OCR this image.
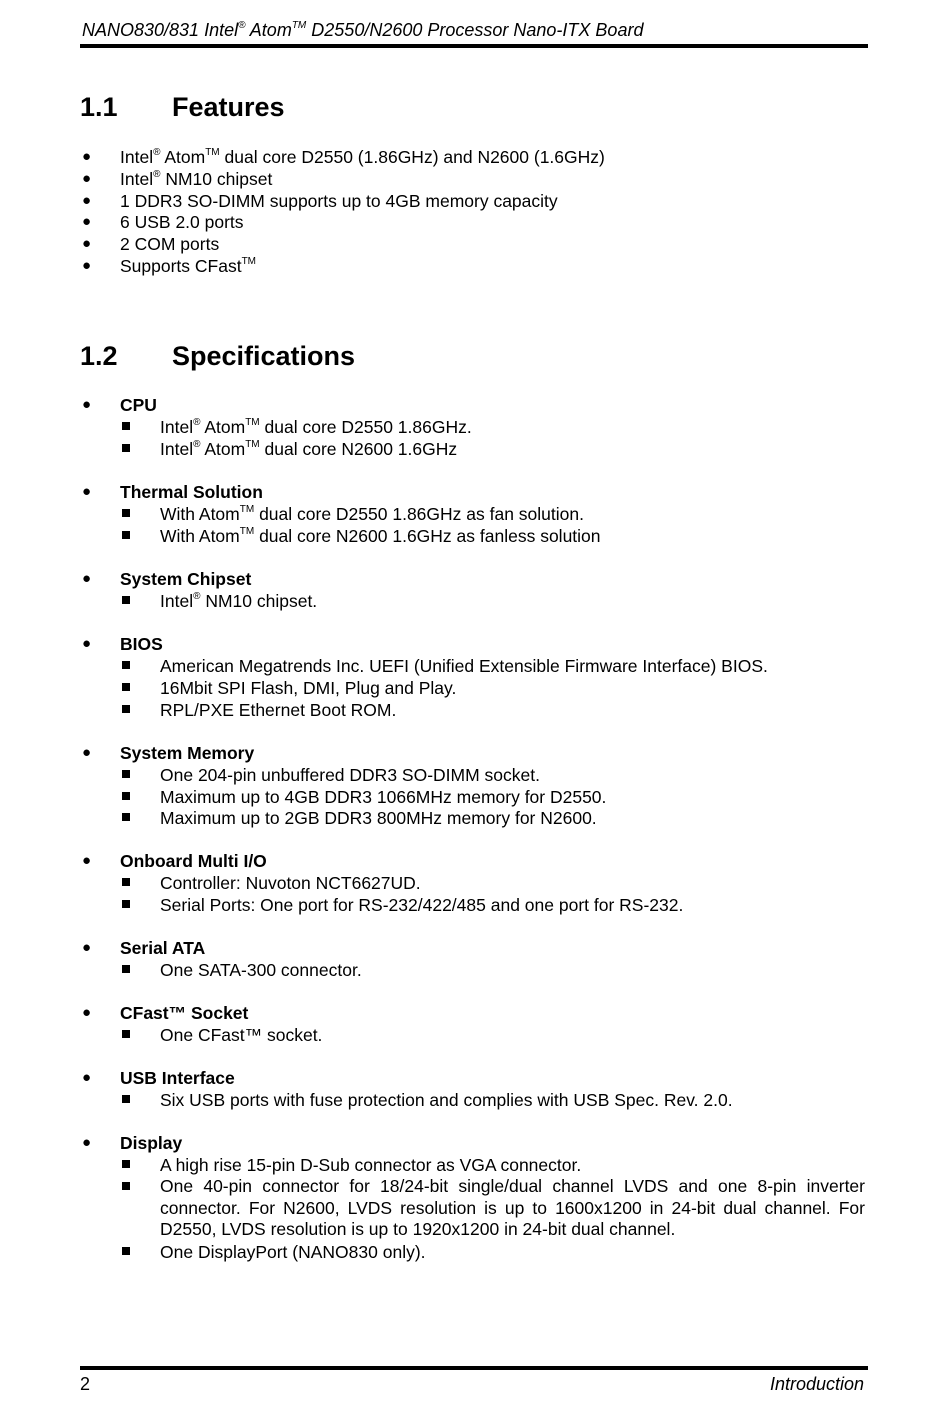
NANO830/831 Intel® Atom™ D2550/N2600 Processor Nano-ITX Board
1.1 Features
● Intel® Atom™ dual core D2550 (1.86GHz) and N2600 (1.6GHz)
● Intel® NM10 chipset
● 1 DDR3 SO-DIMM supports up to 4GB memory capacity
● 6 USB 2.0 ports
● 2 COM ports
● Supports CFast™
1.2 Specifications
● CPU
Intel® Atom™ dual core D2550 1.86GHz.
Intel® Atom™ dual core N2600 1.6GHz
● Thermal Solution
With Atom™ dual core D2550 1.86GHz as fan solution.
With Atom™ dual core N2600 1.6GHz as fanless solution
● System Chipset
Intel® NM10 chipset.
● BIOS
American Megatrends Inc. UEFI (Unified Extensible Firmware Interface) BIOS.
16Mbit SPI Flash, DMI, Plug and Play.
RPL/PXE Ethernet Boot ROM.
● System Memory
One 204-pin unbuffered DDR3 SO-DIMM socket.
Maximum up to 4GB DDR3 1066MHz memory for D2550.
Maximum up to 2GB DDR3 800MHz memory for N2600.
● Onboard Multi I/O
Controller: Nuvoton NCT6627UD.
Serial Ports: One port for RS-232/422/485 and one port for RS-232.
● Serial ATA
One SATA-300 connector.
● CFast™ Socket
One CFast™ socket.
● USB Interface
Six USB ports with fuse protection and complies with USB Spec. Rev. 2.0.
● Display
A high rise 15-pin D-Sub connector as VGA connector.
One 40-pin connector for 18/24-bit single/dual channel LVDS and one 8-pin inverter connector. For N2600, LVDS resolution is up to 1600x1200 in 24-bit dual channel. For D2550, LVDS resolution is up to 1920x1200 in 24-bit dual channel.
One DisplayPort (NANO830 only).
2	Introduction
